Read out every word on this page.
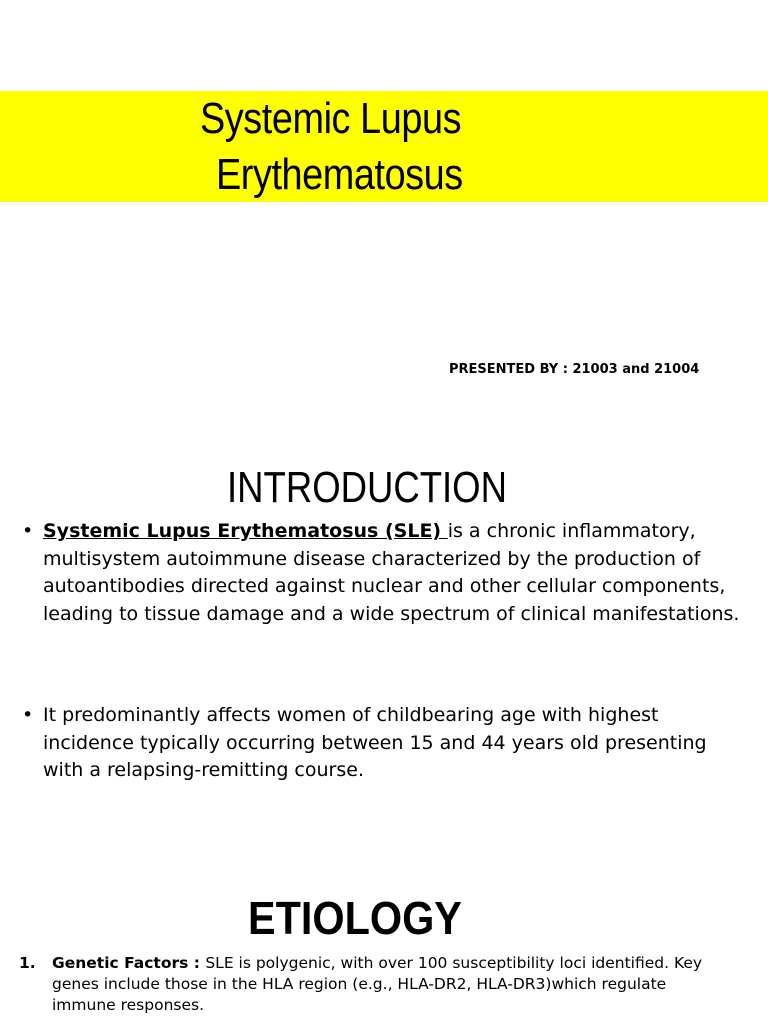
Systemic Lupus
Erythematosus
PRESENTED BY : 21003 and 21004
INTRODUCTION
• Systemic Lupus Erythematosus (SLE) is a chronic inflammatory, multisystem autoimmune disease characterized by the production of autoantibodies directed against nuclear and other cellular components, leading to tissue damage and a wide spectrum of clinical manifestations.
• It predominantly affects women of childbearing age with highest incidence typically occurring between 15 and 44 years old presenting with a relapsing-remitting course.
ETIOLOGY
1.	Genetic Factors : SLE is polygenic, with over 100 susceptibility loci identified. Key genes include those in the HLA region (e.g., HLA-DR2, HLA-DR3)which regulate immune responses.
